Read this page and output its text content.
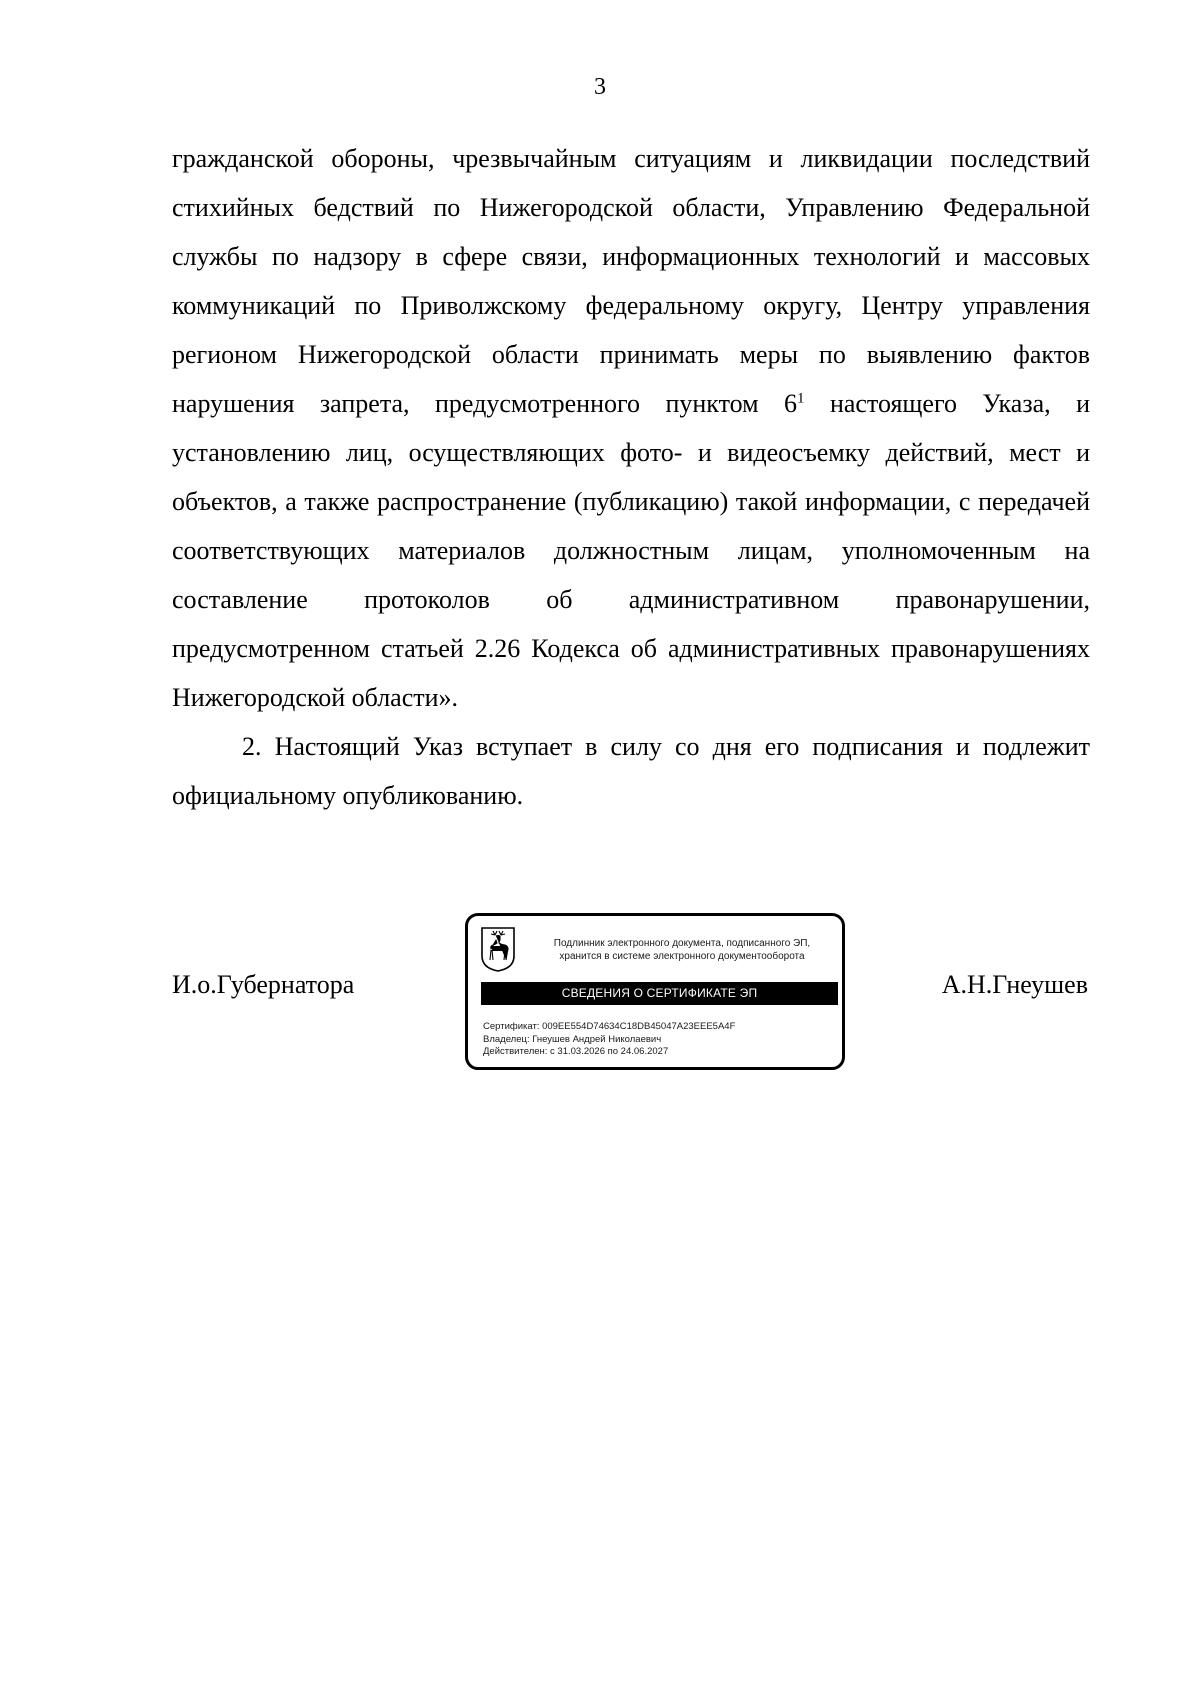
3

гражданской обороны, чрезвычайным ситуациям и ликвидации последствий стихийных бедствий по Нижегородской области, Управлению Федеральной службы по надзору в сфере связи, информационных технологий и массовых коммуникаций по Приволжскому федеральному округу, Центру управления регионом Нижегородской области принимать меры по выявлению фактов нарушения запрета, предусмотренного пунктом $6^1$ настоящего Указа, и установлению лиц, осуществляющих фото- и видеосъемку действий, мест и объектов, а также распространение (публикацию) такой информации, с передачей соответствующих материалов должностным лицам, уполномоченным на составление протоколов об административном правонарушении, предусмотренном статьей 2.26 Кодекса об административных правонарушениях Нижегородской области».

2. Настоящий Указ вступает в силу со дня его подписания и подлежит официальному опубликованию.

И.о.Губернатора
Подлинник электронного документа, подписанного ЭП,
хранится в системе электронного документооборота
СВЕДЕНИЯ О СЕРТИФИКАТЕ ЭП
Сертификат: 009EE554D74634C18DB45047A23EEE5A4F
Владелец: Гнеушев Андрей Николаевич
Действителен: с 31.03.2026 по 24.06.2027
А.Н.Гнеушев
